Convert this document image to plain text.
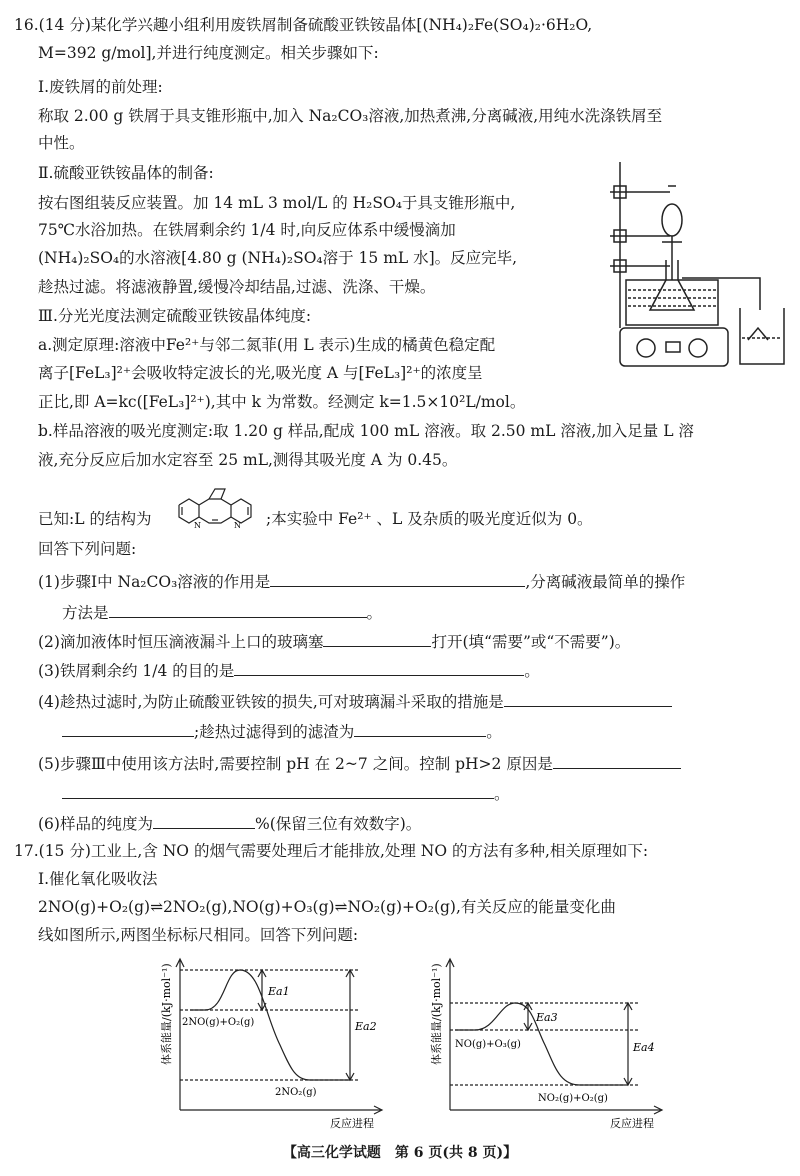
16.(14 分)某化学兴趣小组利用废铁屑制备硫酸亚铁铵晶体[(NH₄)₂Fe(SO₄)₂·6H₂O,
M=392 g/mol],并进行纯度测定。相关步骤如下:
Ⅰ.废铁屑的前处理:
称取 2.00 g 铁屑于具支锥形瓶中,加入 Na₂CO₃溶液,加热煮沸,分离碱液,用纯水洗涤铁屑至
中性。
Ⅱ.硫酸亚铁铵晶体的制备:
按右图组装反应装置。加 14 mL 3 mol/L 的 H₂SO₄于具支锥形瓶中,
75℃水浴加热。在铁屑剩余约 1/4 时,向反应体系中缓慢滴加
(NH₄)₂SO₄的水溶液[4.80 g (NH₄)₂SO₄溶于 15 mL 水]。反应完毕,
趁热过滤。将滤液静置,缓慢冷却结晶,过滤、洗涤、干燥。
Ⅲ.分光光度法测定硫酸亚铁铵晶体纯度:
a.测定原理:溶液中Fe²⁺与邻二氮菲(用 L 表示)生成的橘黄色稳定配
离子[FeL₃]²⁺会吸收特定波长的光,吸光度 A 与[FeL₃]²⁺的浓度呈
正比,即 A=kc([FeL₃]²⁺),其中 k 为常数。经测定 k=1.5×10²L/mol。
b.样品溶液的吸光度测定:取 1.20 g 样品,配成 100 mL 溶液。取 2.50 mL 溶液,加入足量 L 溶
液,充分反应后加水定容至 25 mL,测得其吸光度 A 为 0.45。
已知:L 的结构为	N	N ;本实验中 Fe²⁺ 、L 及杂质的吸光度近似为 0。
回答下列问题:
(1)步骤Ⅰ中 Na₂CO₃溶液的作用是	,分离碱液最简单的操作
方法是	。
(2)滴加液体时恒压滴液漏斗上口的玻璃塞	打开(填“需要”或“不需要”)。
(3)铁屑剩余约 1/4 的目的是	。
(4)趁热过滤时,为防止硫酸亚铁铵的损失,可对玻璃漏斗采取的措施是
;趁热过滤得到的滤渣为	。
(5)步骤Ⅲ中使用该方法时,需要控制 pH 在 2~7 之间。控制 pH>2 原因是
。
(6)样品的纯度为	%(保留三位有效数字)。
17.(15 分)工业上,含 NO 的烟气需要处理后才能排放,处理 NO 的方法有多种,相关原理如下:
Ⅰ.催化氧化吸收法
2NO(g)+O₂(g)⇌2NO₂(g),NO(g)+O₃(g)⇌NO₂(g)+O₂(g),有关反应的能量变化曲
线如图所示,两图坐标标尺相同。回答下列问题:
体系能量/(kJ·mol⁻¹) 2NO(g)+O₂(g)
2NO₂(g)
Ea1
Ea2
反应进程
体系能量/(kJ·mol⁻¹) NO(g)+O₃(g)
NO₂(g)+O₂(g)
Ea3
Ea4
反应进程
【高三化学试题　第 6 页(共 8 页)】
